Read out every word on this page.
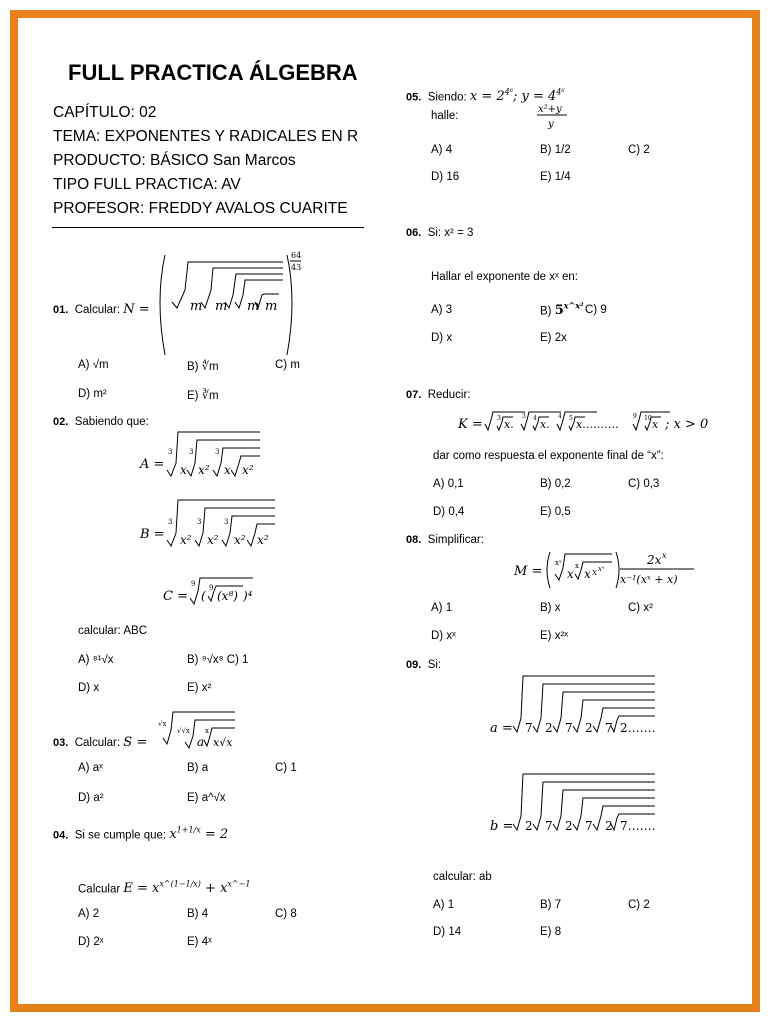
FULL PRACTICA ÁLGEBRA
CAPÍTULO: 02
TEMA: EXPONENTES Y RADICALES EN R
PRODUCTO: BÁSICO San Marcos
TIPO FULL PRACTICA: AV
PROFESOR: FREDDY AVALOS CUARITE
01. Calcular: N =	m m m m
64
43
A) √m	B) ∜m	C) m
D) m²	E) ∛m
02. Sabiendo que:
A =
3
x
3
x²
3
x x²
B =
3
x²
3
x²
3
x² x²
C =
9
(
9
(x⁸) )⁴
calcular: ABC
A) ⁸¹√x	B) ⁹√x⁸ C) 1
D) x	E) x²
03. Calcular: S =
√x
√√x
a
x
x√x
A) aˣ	B) a	C) 1
D) a²	E) a^√x
04. Si se cumple que: $x^{1+1/x} = 2$
Calcular $E = x^{x\^{}(1-1/x)} + x^{x\^{}-1}$
A) 2	B) 4	C) 8
D) 2ˣ	E) 4ˣ
05. Siendo: $x = 2^{4^6}$; $y = 4^{4^6}$
halle:
x²+y
y
A) 4	B) 1/2	C) 2
D) 16	E) 1/4
06. Si: x² = 3
Hallar el exponente de xˣ en:
A) 3	B) $5^{x\^{}x^2}$ C) 9
D) x	E) 2x
07. Reducir:
K = 3 x.
3 4 x.
4 5 x.………
9 10 x ; x > 0
dar como respuesta el exponente final de “x”:
A) 0,1	B) 0,2	C) 0,3
D) 0,4	E) 0,5
08. Simplificar:
M =
xˣ
x
x
x x xˣ
2x x
x⁻¹(xˣ + x)
A) 1	B) x	C) x²
D) xˣ	E) x²ˣ
09. Si:
a = 7 2 7 2 7 2…….
b = 2 7 2 7 2 7…….
calcular: ab
A) 1	B) 7	C) 2
D) 14	E) 8
